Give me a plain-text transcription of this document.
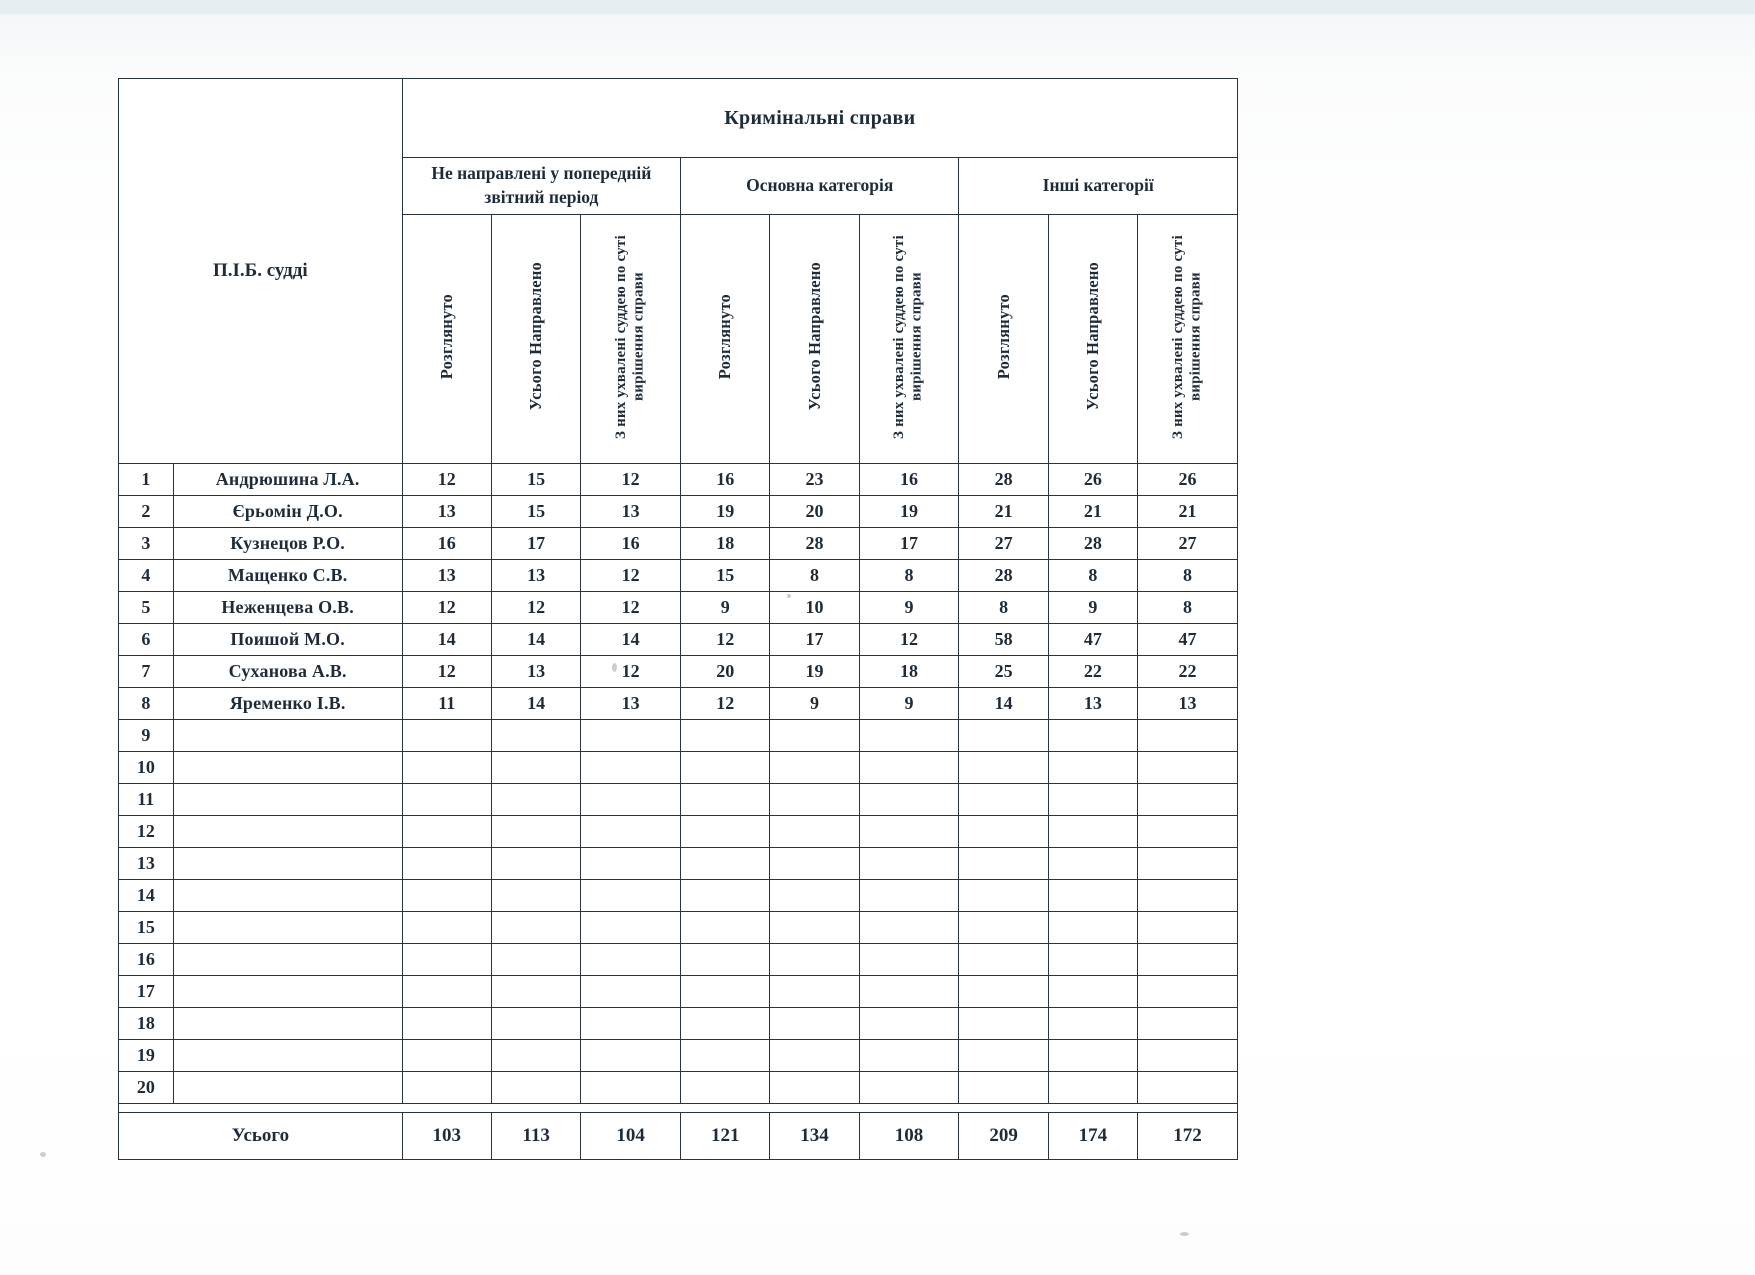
П.І.Б. судді		Кримінальні справи								
		Не направлені у попередній звітний період			Основна категорія			Інші категорії		
		Розглянуто	Усього Направлено	З них ухвалені суддею по суті вирішення справи	Розглянуто	Усього Направлено	З них ухвалені суддею по суті вирішення справи	Розглянуто	Усього Направлено	З них ухвалені суддею по суті вирішення справи
1	Андрюшина Л.А.	12	15	12	16	23	16	28	26	26
2	Єрьомін Д.О.	13	15	13	19	20	19	21	21	21
3	Кузнецов Р.О.	16	17	16	18	28	17	27	28	27
4	Мащенко С.В.	13	13	12	15	8	8	28	8	8
5	Неженцева О.В.	12	12	12	9	10	9	8	9	8
6	Поишой М.О.	14	14	14	12	17	12	58	47	47
7	Суханова А.В.	12	13	12	20	19	18	25	22	22
8	Яременко І.В.	11	14	13	12	9	9	14	13	13
9										
10										
11										
12										
13										
14										
15										
16										
17										
18										
19										
20										

Усього		103	113	104	121	134	108	209	174	172
